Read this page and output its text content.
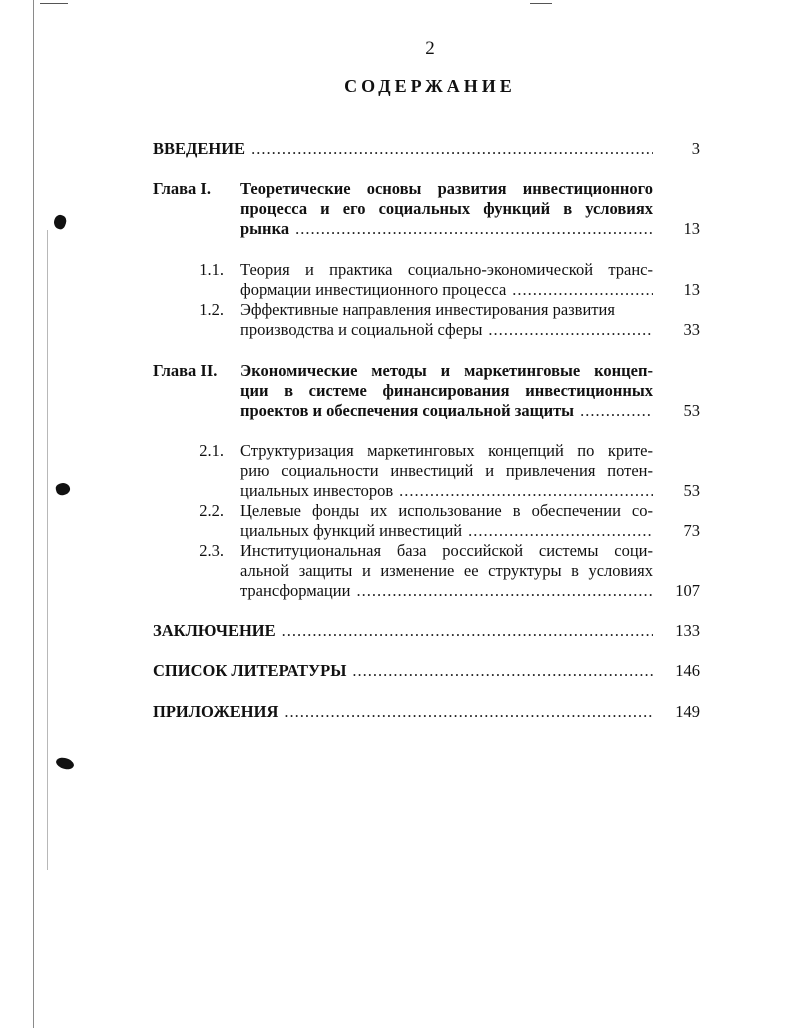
2
СОДЕРЖАНИЕ
ВВЕДЕНИЕ .....	3
Глава I. Теоретические основы развития инвестиционного
процесса и его социальных функций в условиях
рынка .....	13
1.1. Теория и практика социально-экономической транс-
формации инвестиционного процесса .....	13
1.2. Эффективные направления инвестирования развития
производства и социальной сферы .....	33
Глава II. Экономические методы и маркетинговые концеп-
ции в системе финансирования инвестиционных
проектов и обеспечения социальной защиты .....	53
2.1. Структуризация маркетинговых концепций по крите-
рию социальности инвестиций и привлечения потен-
циальных инвесторов .....	53
2.2. Целевые фонды их использование в обеспечении со-
циальных функций инвестиций .....	73
2.3. Институциональная база российской системы соци-
альной защиты и изменение ее структуры в условиях
трансформации .....	107
ЗАКЛЮЧЕНИЕ .....	133
СПИСОК ЛИТЕРАТУРЫ .....	146
ПРИЛОЖЕНИЯ .....	149
